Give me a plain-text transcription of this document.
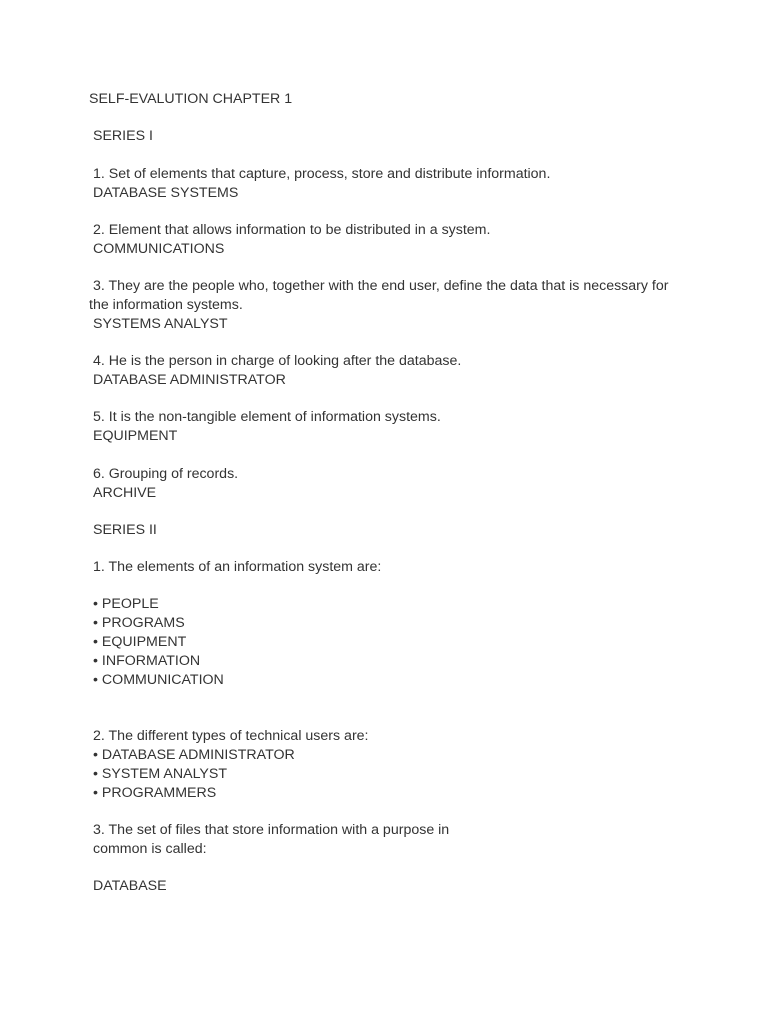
SELF-EVALUTION CHAPTER 1
SERIES I
1. Set of elements that capture, process, store and distribute information.
DATABASE SYSTEMS
2. Element that allows information to be distributed in a system.
COMMUNICATIONS
3. They are the people who, together with the end user, define the data that is necessary for
the information systems.
SYSTEMS ANALYST
4. He is the person in charge of looking after the database.
DATABASE ADMINISTRATOR
5. It is the non-tangible element of information systems.
EQUIPMENT
6. Grouping of records.
ARCHIVE
SERIES II
1. The elements of an information system are:
• PEOPLE
• PROGRAMS
• EQUIPMENT
• INFORMATION
• COMMUNICATION
2. The different types of technical users are:
• DATABASE ADMINISTRATOR
• SYSTEM ANALYST
• PROGRAMMERS
3. The set of files that store information with a purpose in
common is called:
DATABASE
